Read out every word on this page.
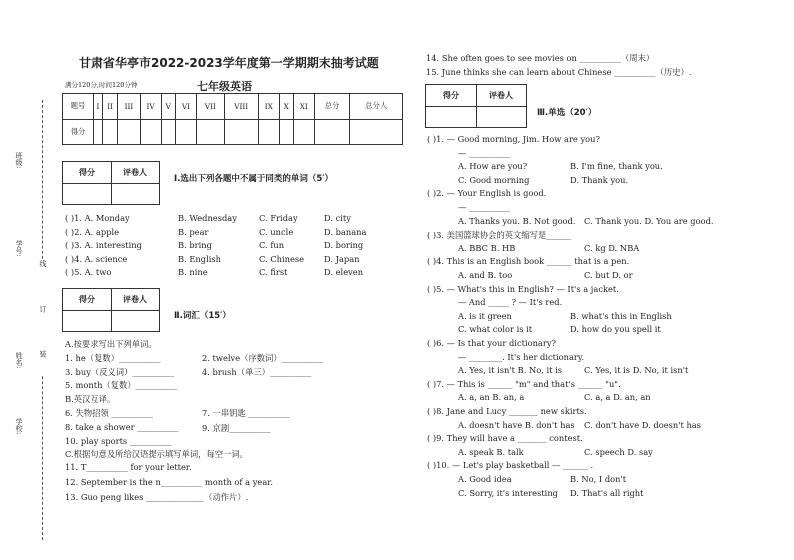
班级:
学号:
姓名:
学校:
线 订 装
甘肃省华亭市2022-2023学年度第一学期期末抽考试题
满分120分,时间120分钟	七年级英语
题号	I	II	III	IV	V	VI	VII	VIII	IX	X	XI	总分	总分人
得分													
得分	评卷人
Ⅰ.选出下列各题中不属于同类的单词（5′）
( )1. A. Monday	B. Wednesday	C. Friday	D. city
( )2. A. apple	B. pear	C. uncle	D. banana
( )3. A. interesting	B. bring	C. fun	D. boring
( )4. A. science	B. English	C. Chinese D. Japan
( )5. A. two	B. nine	C. first	D. eleven
得分	评卷人
Ⅱ.词汇（15′）
A.按要求写出下列单词。
1. he（复数）__________	2. twelve（序数词）__________
3. buy（反义词）__________	4. brush（单三）__________
5. month（复数）__________
B.英汉互译。
6. 失物招领 __________	7. 一串钥匙 __________
8. take a shower __________	9. 京剧__________
10. play sports __________
C.根据句意及所给汉语提示填写单词，每空一词。
11. T__________ for your letter.
12. September is the n__________ month of a year.
13. Guo peng likes ______________（动作片）.
14. She often goes to see movies on __________（周末）
15. June thinks she can learn about Chinese __________（历史）.
得分	评卷人
Ⅲ.单选（20′）
( )1. — Good morning, Jim. How are you?
— __________
A. How are you?	B. I'm fine, thank you.
C. Good morning	D. Thank you.
( )2. — Your English is good.
— __________
A. Thanks you. B. Not good. C. Thank you. D. You are good.
( )3. 美国篮球协会的英文缩写是______
A. BBC B. HB	C. kg D. NBA
( )4. This is an English book ______ that is a pen.
A. and B. too	C. but D. or
( )5. — What's this in English? — It's a jacket.
— And _____ ? — It's red.
A. is it green	B. what's this in English
C. what color is it	D. how do you spell it
( )6. — Is that your dictionary?
— ________. It's her dictionary.
A. Yes, it isn't B. No, it is	C. Yes, it is D. No, it isn't
( )7. — This is ______ "m" and that's ______ "u".
A. a, an B. an, a	C. a, a D. an, an
( )8. Jane and Lucy _______ new skirts.
A. doesn't have B. don't has C. don't have D. doesn't has
( )9. They will have a _______ contest.
A. speak B. talk	C. speech D. say
( )10. — Let's play basketball — ______ .
A. Good idea	B. No, I don't
C. Sorry, it's interesting D. That's all right
